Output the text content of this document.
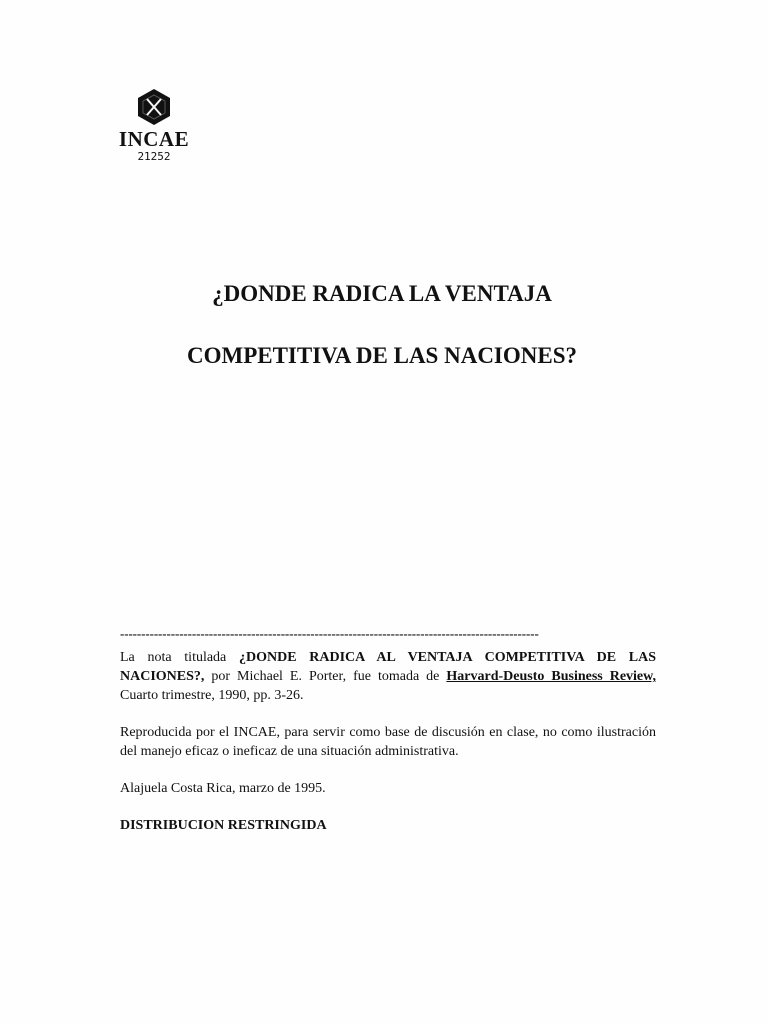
INCAE
21252
¿DONDE RADICA LA VENTAJA
COMPETITIVA DE LAS NACIONES?
---------------------------------------------------------------------------------------------------

La nota titulada ¿DONDE RADICA AL VENTAJA COMPETITIVA DE LAS NACIONES?, por Michael E. Porter, fue tomada de Harvard-Deusto Business Review, Cuarto trimestre, 1990, pp. 3-26.

Reproducida por el INCAE, para servir como base de discusión en clase, no como ilustración del manejo eficaz o ineficaz de una situación administrativa.

Alajuela Costa Rica, marzo de 1995.

DISTRIBUCION RESTRINGIDA
